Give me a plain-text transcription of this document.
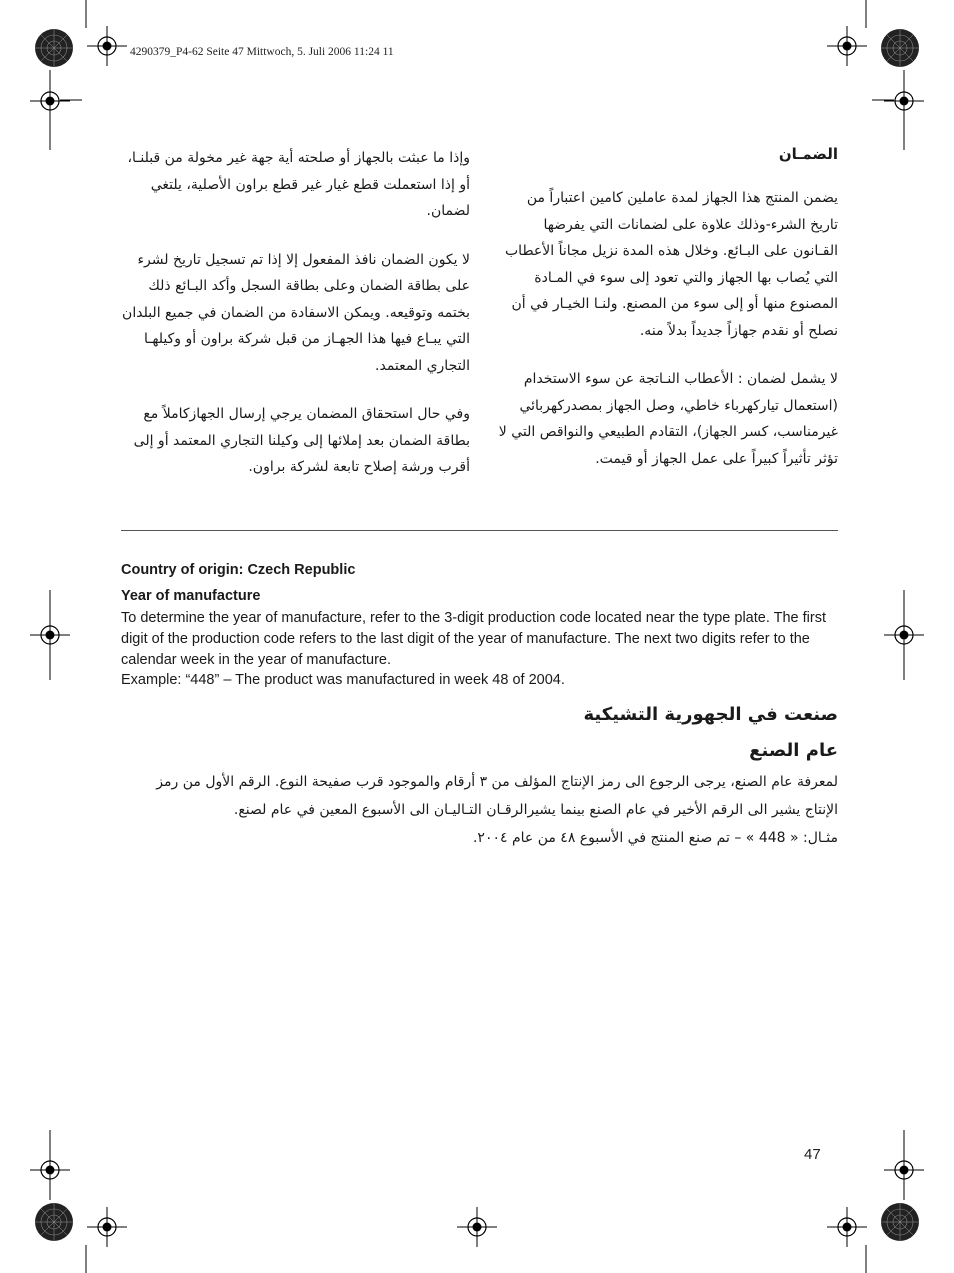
4290379_P4-62 Seite 47 Mittwoch, 5. Juli 2006 11:24 11
الضمـان

يضمن المنتج هذا الجهاز لمدة عاملين كامين اعتباراً من تاريخ الشرء-وذلك علاوة على لضمانات التي يفرضها القـانون على البـائع. وخلال هذه المدة نزيل مجاناً الأعطاب التي يُصاب بها الجهاز والتي تعود إلى سوء في المـادة المصنوع منها أو إلى سوء من المصنع. ولنـا الخيـار في أن نصلح أو نقدم جهازاً جديداً بدلاً منه.

لا يشمل لضمان : الأعطاب النـاتجة عن سوء الاستخدام (استعمال تياركهرباء خاطي، وصل الجهاز بمصدركهربائي غيرمناسب، كسر الجهاز)، التقادم الطبيعي والنواقص التي لا تؤثر تأثيراً كبيراً على عمل الجهاز أو قيمت.

وإذا ما عبثت بالجهاز أو صلحته أية جهة غير مخولة من قبلنـا، أو إذا استعملت قطع غيار غير قطع براون الأصلية، يلتغي لضمان.

لا يكون الضمان نافذ المفعول إلا إذا تم تسجيل تاريخ لشرء على بطاقة الضمان وعلى بطاقة السجل وأكد البـائع ذلك بختمه وتوقيعه. ويمكن الاسفادة من الضمان في جميع البلدان التي يبـاع فيها هذا الجهـاز من قبل شركة براون أو وكيلهـا التجاري المعتمد.

وفي حال استحقاق المضمان يرجي إرسال الجهازكاملاً مع بطاقة الضمان بعد إملائها إلى وكيلنا التجاري المعتمد أو إلى أقرب ورشة إصلاح تابعة لشركة براون.

Country of origin: Czech Republic
Year of manufacture

To determine the year of manufacture, refer to the 3-digit production code located near the type plate. The first digit of the production code refers to the last digit of the year of manufacture. The next two digits refer to the calendar week in the year of manufacture.

Example: “448” – The product was manufactured in week 48 of 2004.

صنعت في الجهورية التشيكية
عام الصنع

لمعرفة عام الصنع، يرجى الرجوع الى رمز الإنتاج المؤلف من ٣ أرقام والموجود قرب صفيحة النوع. الرقم الأول من رمز الإنتاج يشير الى الرقم الأخير في عام الصنع بينما يشيرالرقـان التـاليـان الى الأسبوع المعين في عام لصنع.

مثـال: « 448 » – تم صنع المنتج في الأسبوع ٤٨ من عام ٢٠٠٤.

47
